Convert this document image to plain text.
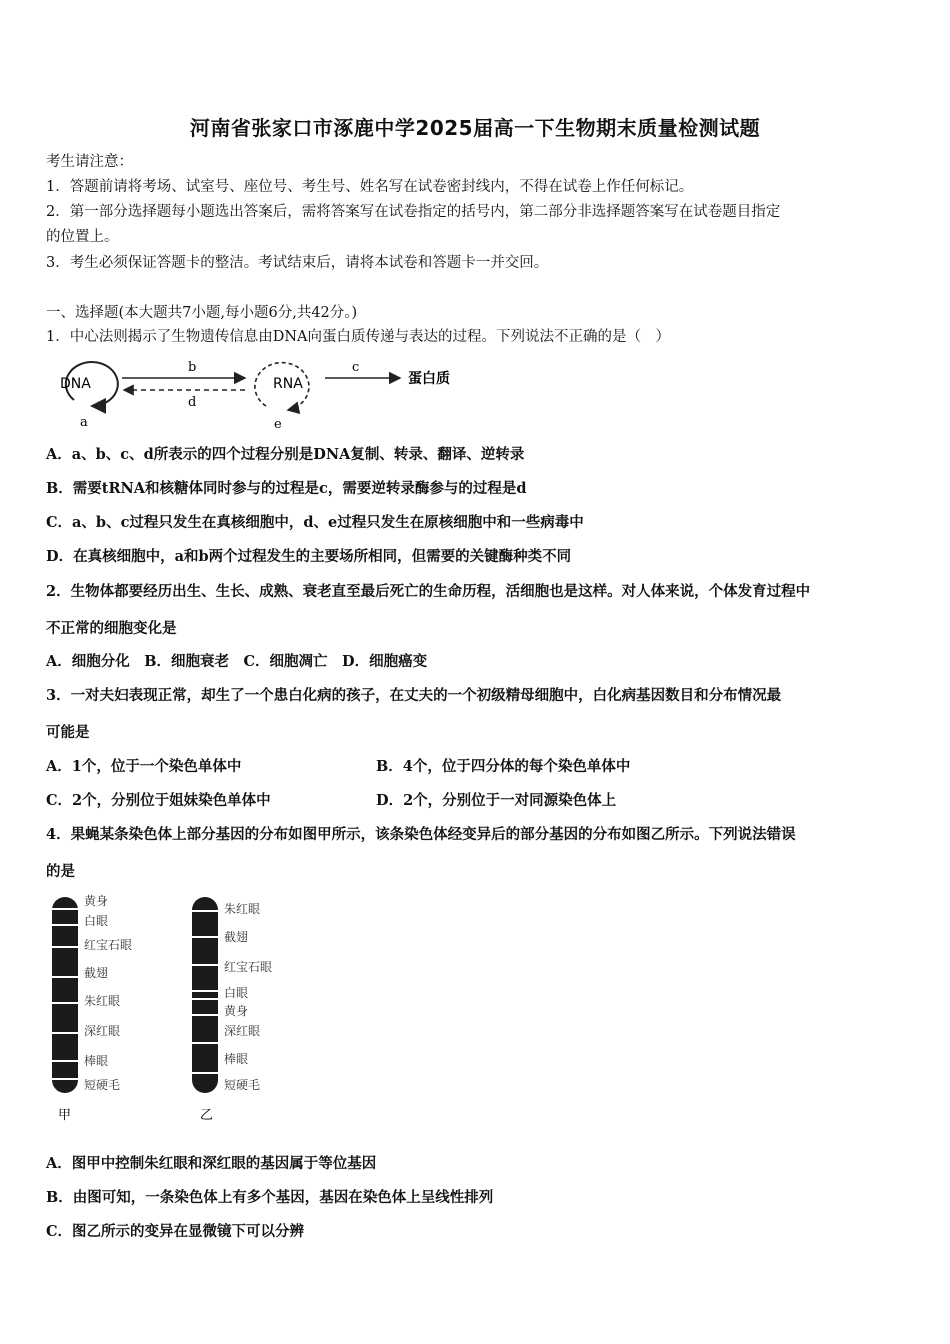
河南省张家口市涿鹿中学2025届高一下生物期末质量检测试题
考生请注意：
1．答题前请将考场、试室号、座位号、考生号、姓名写在试卷密封线内，不得在试卷上作任何标记。
2．第一部分选择题每小题选出答案后，需将答案写在试卷指定的括号内，第二部分非选择题答案写在试卷题目指定
的位置上。
3．考生必须保证答题卡的整洁。考试结束后，请将本试卷和答题卡一并交回。
一、选择题(本大题共7小题,每小题6分,共42分。)
1．中心法则揭示了生物遗传信息由DNA向蛋白质传递与表达的过程。下列说法不正确的是（　）
DNA
a
b
d
RNA
e
c
蛋白质
A．a、b、c、d所表示的四个过程分别是DNA复制、转录、翻译、逆转录
B．需要tRNA和核糖体同时参与的过程是c，需要逆转录酶参与的过程是d
C．a、b、c过程只发生在真核细胞中，d、e过程只发生在原核细胞中和一些病毒中
D．在真核细胞中，a和b两个过程发生的主要场所相同，但需要的关键酶种类不同
2．生物体都要经历出生、生长、成熟、衰老直至最后死亡的生命历程，活细胞也是这样。对人体来说，个体发育过程中
不正常的细胞变化是
A．细胞分化　B．细胞衰老　C．细胞凋亡　D．细胞癌变
3．一对夫妇表现正常，却生了一个患白化病的孩子，在丈夫的一个初级精母细胞中，白化病基因数目和分布情况最
可能是
A．1个，位于一个染色单体中	B．4个，位于四分体的每个染色单体中
C．2个，分别位于姐妹染色单体中	D．2个，分别位于一对同源染色体上
4．果蝇某条染色体上部分基因的分布如图甲所示，该条染色体经变异后的部分基因的分布如图乙所示。下列说法错误
的是
黄身
白眼
红宝石眼
截翅
朱红眼
深红眼
棒眼
短硬毛
甲
朱红眼
截翅
红宝石眼
白眼
黄身
深红眼
棒眼
短硬毛
乙
A．图甲中控制朱红眼和深红眼的基因属于等位基因
B．由图可知，一条染色体上有多个基因，基因在染色体上呈线性排列
C．图乙所示的变异在显微镜下可以分辨
